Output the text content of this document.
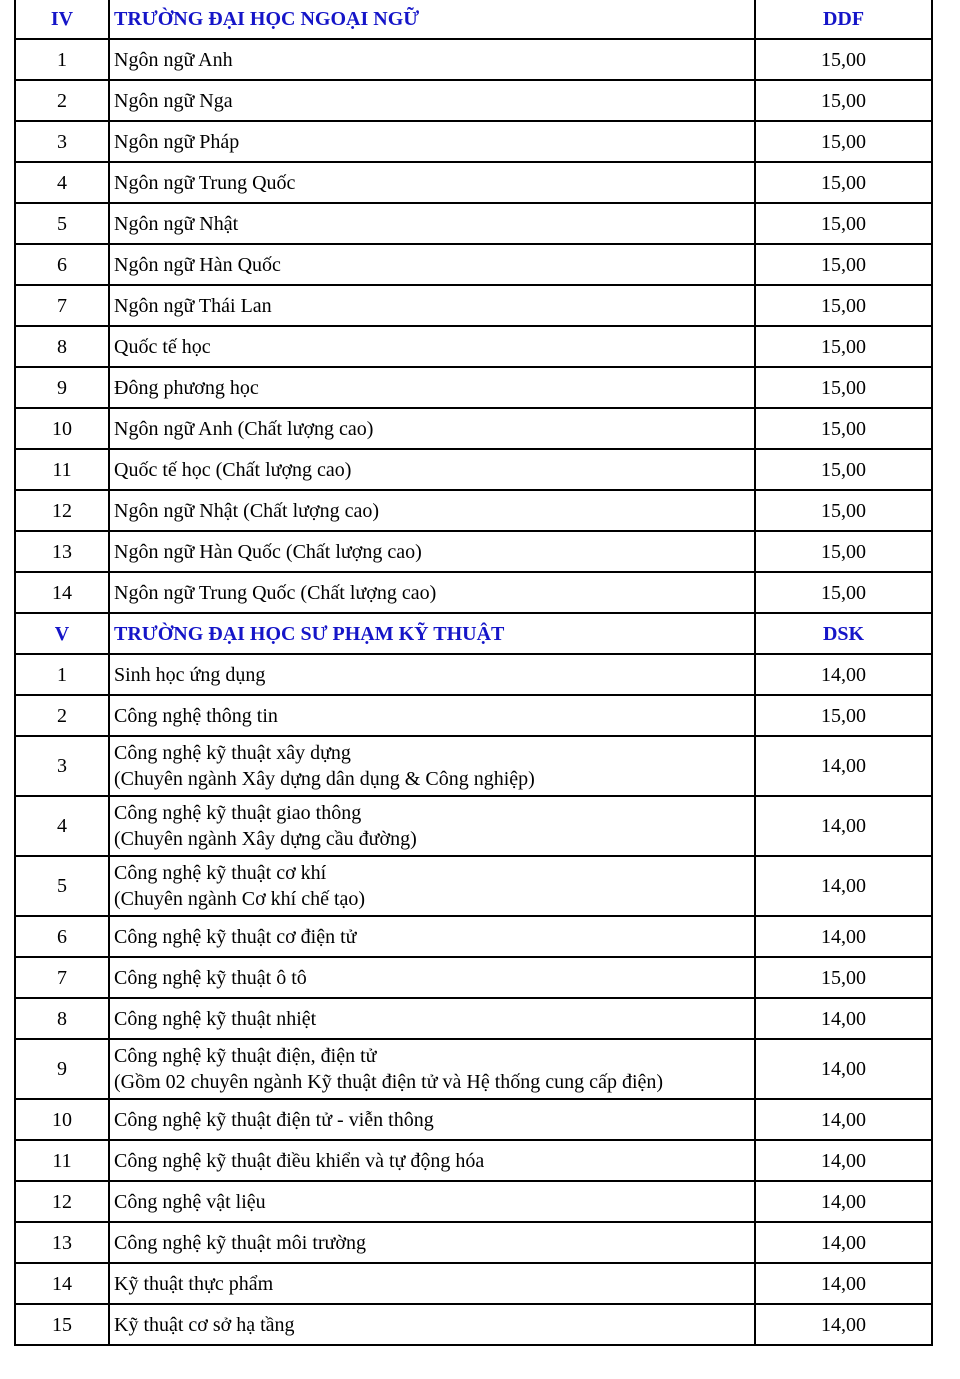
IV	TRƯỜNG ĐẠI HỌC NGOẠI NGỮ	DDF
1	Ngôn ngữ Anh	15,00
2	Ngôn ngữ Nga	15,00
3	Ngôn ngữ Pháp	15,00
4	Ngôn ngữ Trung Quốc	15,00
5	Ngôn ngữ Nhật	15,00
6	Ngôn ngữ Hàn Quốc	15,00
7	Ngôn ngữ Thái Lan	15,00
8	Quốc tế học	15,00
9	Đông phương học	15,00
10	Ngôn ngữ Anh (Chất lượng cao)	15,00
11	Quốc tế học (Chất lượng cao)	15,00
12	Ngôn ngữ Nhật (Chất lượng cao)	15,00
13	Ngôn ngữ Hàn Quốc (Chất lượng cao)	15,00
14	Ngôn ngữ Trung Quốc (Chất lượng cao)	15,00
V	TRƯỜNG ĐẠI HỌC SƯ PHẠM KỸ THUẬT	DSK
1	Sinh học ứng dụng	14,00
2	Công nghệ thông tin	15,00
3	Công nghệ kỹ thuật xây dựng
(Chuyên ngành Xây dựng dân dụng & Công nghiệp)	14,00
4	Công nghệ kỹ thuật giao thông
(Chuyên ngành Xây dựng cầu đường)	14,00
5	Công nghệ kỹ thuật cơ khí
(Chuyên ngành Cơ khí chế tạo)	14,00
6	Công nghệ kỹ thuật cơ điện tử	14,00
7	Công nghệ kỹ thuật ô tô	15,00
8	Công nghệ kỹ thuật nhiệt	14,00
9	Công nghệ kỹ thuật điện, điện tử
(Gồm 02 chuyên ngành Kỹ thuật điện tử và Hệ thống cung cấp điện)	14,00
10	Công nghệ kỹ thuật điện tử - viễn thông	14,00
11	Công nghệ kỹ thuật điều khiển và tự động hóa	14,00
12	Công nghệ vật liệu	14,00
13	Công nghệ kỹ thuật môi trường	14,00
14	Kỹ thuật thực phẩm	14,00
15	Kỹ thuật cơ sở hạ tầng	14,00
